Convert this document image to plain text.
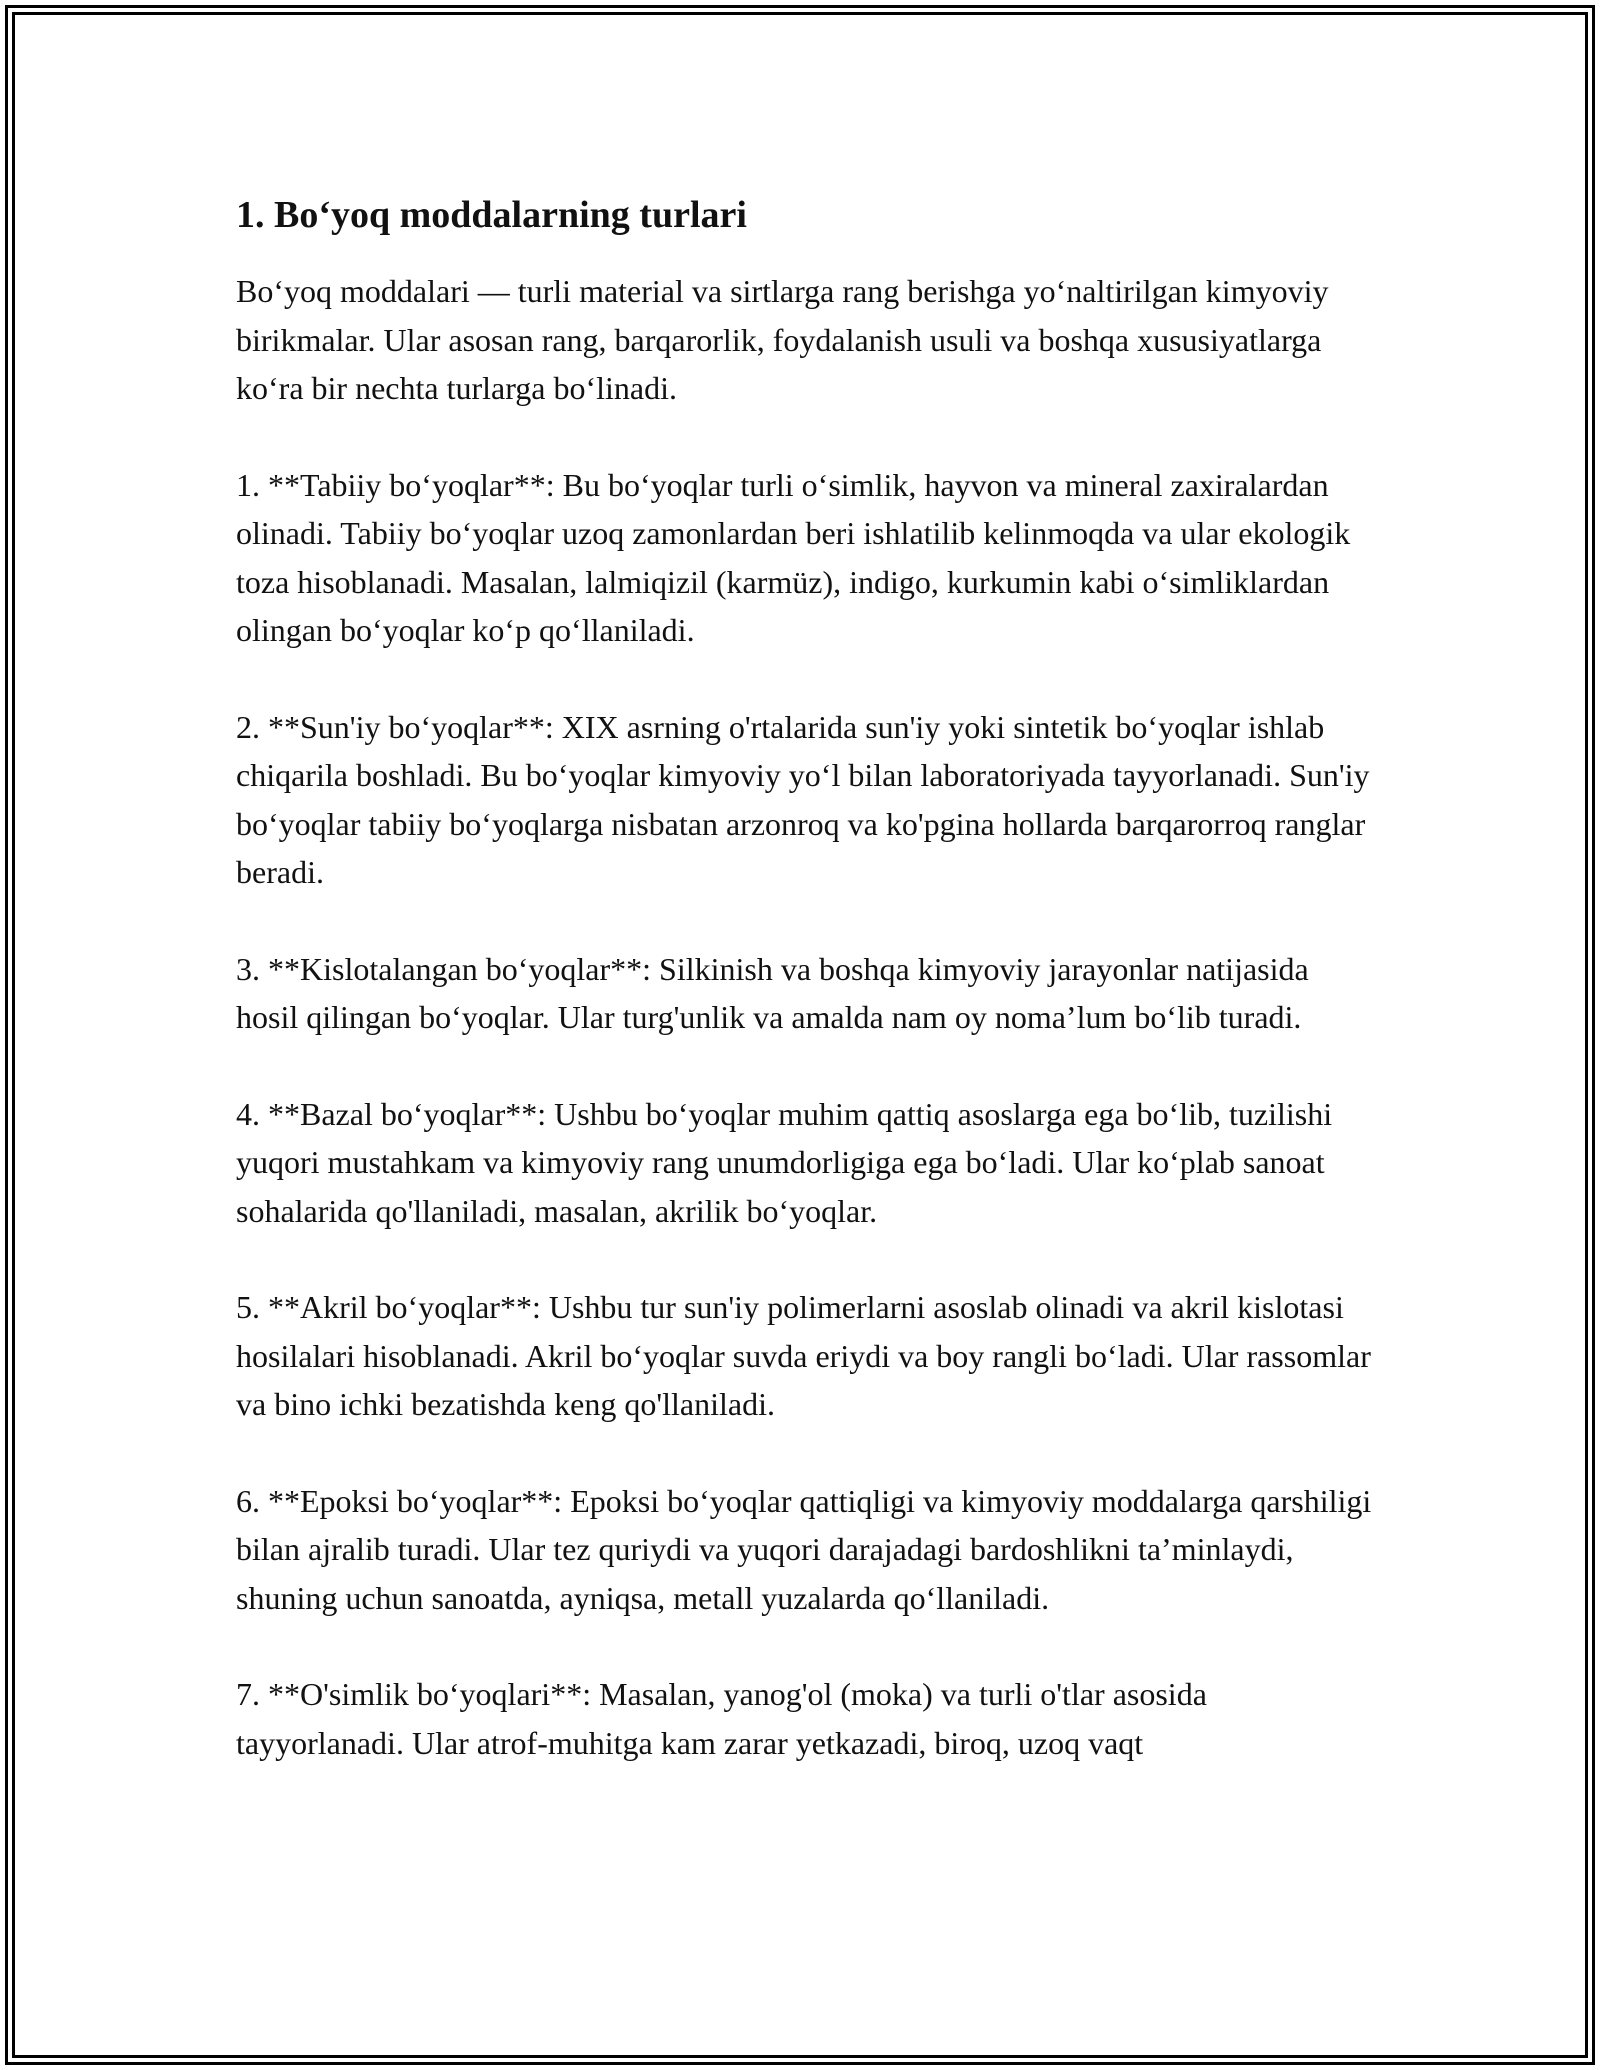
1. Bo‘yoq moddalarning turlari

Bo‘yoq moddalari — turli material va sirtlarga rang berishga yo‘naltirilgan kimyoviy birikmalar. Ular asosan rang, barqarorlik, foydalanish usuli va boshqa xususiyatlarga ko‘ra bir nechta turlarga bo‘linadi.

1. **Tabiiy bo‘yoqlar**: Bu bo‘yoqlar turli o‘simlik, hayvon va mineral zaxiralardan olinadi. Tabiiy bo‘yoqlar uzoq zamonlardan beri ishlatilib kelinmoqda va ular ekologik toza hisoblanadi. Masalan, lalmiqizil (karmüz), indigo, kurkumin kabi o‘simliklardan olingan bo‘yoqlar ko‘p qo‘llaniladi.

2. **Sun'iy bo‘yoqlar**: XIX asrning o'rtalarida sun'iy yoki sintetik bo‘yoqlar ishlab chiqarila boshladi. Bu bo‘yoqlar kimyoviy yo‘l bilan laboratoriyada tayyorlanadi. Sun'iy bo‘yoqlar tabiiy bo‘yoqlarga nisbatan arzonroq va ko'pgina hollarda barqarorroq ranglar beradi.

3. **Kislotalangan bo‘yoqlar**: Silkinish va boshqa kimyoviy jarayonlar natijasida hosil qilingan bo‘yoqlar. Ular turg'unlik va amalda nam oy noma’lum bo‘lib turadi.

4. **Bazal bo‘yoqlar**: Ushbu bo‘yoqlar muhim qattiq asoslarga ega bo‘lib, tuzilishi yuqori mustahkam va kimyoviy rang unumdorligiga ega bo‘ladi. Ular ko‘plab sanoat sohalarida qo'llaniladi, masalan, akrilik bo‘yoqlar.

5. **Akril bo‘yoqlar**: Ushbu tur sun'iy polimerlarni asoslab olinadi va akril kislotasi hosilalari hisoblanadi. Akril bo‘yoqlar suvda eriydi va boy rangli bo‘ladi. Ular rassomlar va bino ichki bezatishda keng qo'llaniladi.

6. **Epoksi bo‘yoqlar**: Epoksi bo‘yoqlar qattiqligi va kimyoviy moddalarga qarshiligi bilan ajralib turadi. Ular tez quriydi va yuqori darajadagi bardoshlikni ta’minlaydi, shuning uchun sanoatda, ayniqsa, metall yuzalarda qo‘llaniladi.

7. **O'simlik bo‘yoqlari**: Masalan, yanog'ol (moka) va turli o'tlar asosida tayyorlanadi. Ular atrof-muhitga kam zarar yetkazadi, biroq, uzoq vaqt
